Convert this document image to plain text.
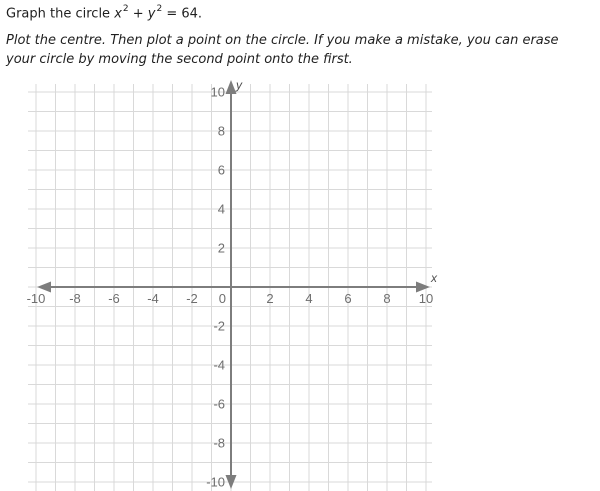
Graph the circle $x^2 + y^2 = 64$.
Plot the centre. Then plot a point on the circle. If you make a mistake, you can erase your circle by moving the second point onto the first.
-10 -8 -6 -4 -2	2 4 6 8 10
10
8
6
4
2
-2
-4
-6
-8
-10
0
x
y
